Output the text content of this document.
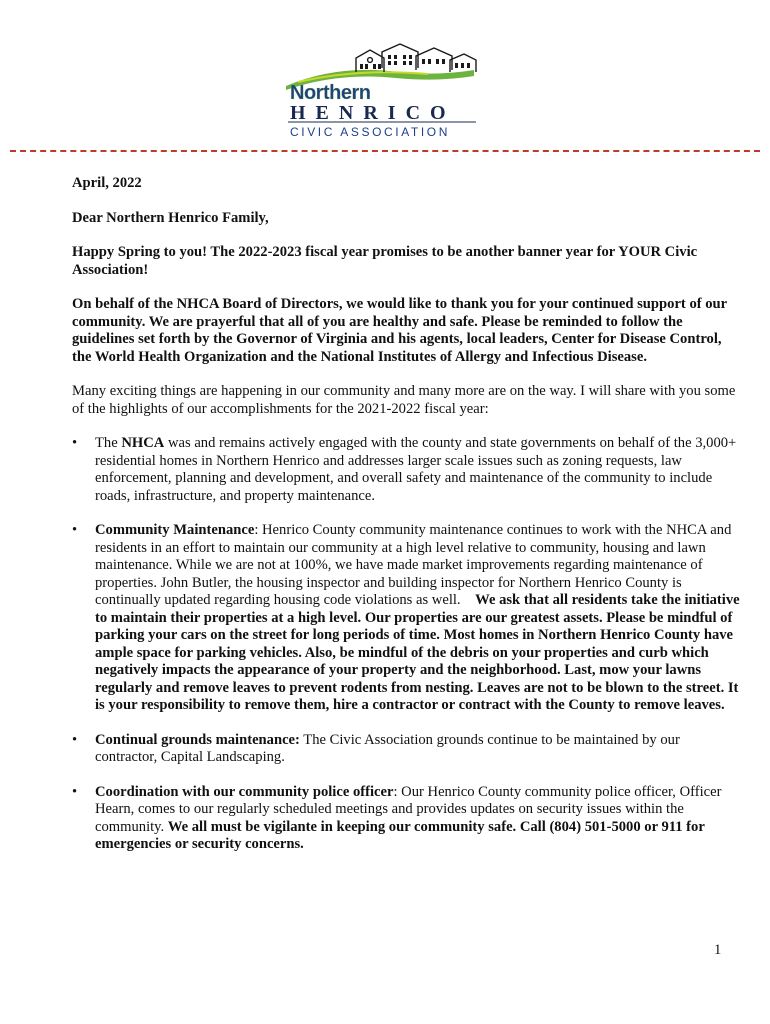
Northern
HENRICO
CIVIC ASSOCIATION

April, 2022

Dear Northern Henrico Family,

Happy Spring to you! The 2022-2023 fiscal year promises to be another banner year for YOUR Civic Association!

On behalf of the NHCA Board of Directors, we would like to thank you for your continued support of our community. We are prayerful that all of you are healthy and safe. Please be reminded to follow the guidelines set forth by the Governor of Virginia and his agents, local leaders, Center for Disease Control, the World Health Organization and the National Institutes of Allergy and Infectious Disease.

Many exciting things are happening in our community and many more are on the way. I will share with you some of the highlights of our accomplishments for the 2021-2022 fiscal year:

• The NHCA was and remains actively engaged with the county and state governments on behalf of the 3,000+ residential homes in Northern Henrico and addresses larger scale issues such as zoning requests, law enforcement, planning and development, and overall safety and maintenance of the community to include roads, infrastructure, and property maintenance.
• Community Maintenance: Henrico County community maintenance continues to work with the NHCA and residents in an effort to maintain our community at a high level relative to community, housing and lawn maintenance. While we are not at 100%, we have made market improvements regarding maintenance of properties. John Butler, the housing inspector and building inspector for Northern Henrico County is continually updated regarding housing code violations as well.    We ask that all residents take the initiative to maintain their properties at a high level. Our properties are our greatest assets. Please be mindful of parking your cars on the street for long periods of time. Most homes in Northern Henrico County have ample space for parking vehicles. Also, be mindful of the debris on your properties and curb which negatively impacts the appearance of your property and the neighborhood. Last, mow your lawns regularly and remove leaves to prevent rodents from nesting. Leaves are not to be blown to the street. It is your responsibility to remove them, hire a contractor or contract with the County to remove leaves.
• Continual grounds maintenance: The Civic Association grounds continue to be maintained by our contractor, Capital Landscaping.
• Coordination with our community police officer: Our Henrico County community police officer, Officer Hearn, comes to our regularly scheduled meetings and provides updates on security issues within the community. We all must be vigilante in keeping our community safe. Call (804) 501-5000 or 911 for emergencies or security concerns.
1
